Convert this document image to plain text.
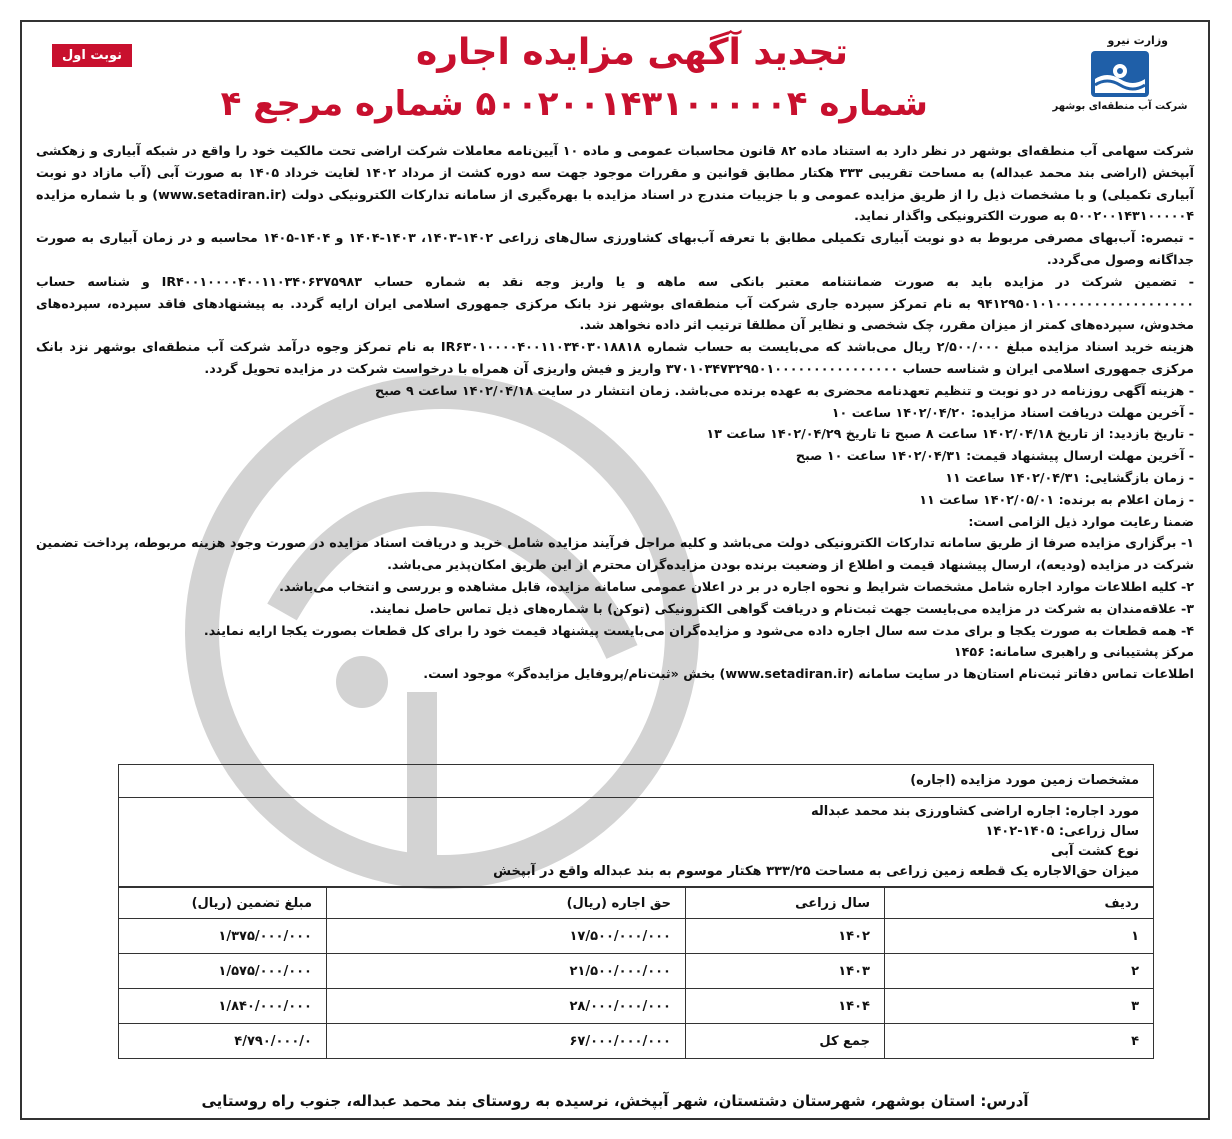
وزارت نیرو
شرکت آب منطقه‌ای بوشهر
نوبت اول	تجدید آگهی مزایده اجاره
شماره ۵۰۰۲۰۰۱۴۳۱۰۰۰۰۰۴ شماره مرجع ۴

شرکت سهامی آب منطقه‌ای بوشهر در نظر دارد به استناد ماده ۸۲ قانون محاسبات عمومی و ماده ۱۰ آیین‌نامه معاملات شرکت اراضی تحت مالکیت خود را واقع در شبکه آبیاری و زهکشی آبپخش (اراضی بند محمد عبداله) به مساحت تقریبی ۳۳۳ هکتار مطابق قوانین و مقررات موجود جهت سه دوره کشت از مرداد ۱۴۰۲ لغایت خرداد ۱۴۰۵ به صورت آبی (آب مازاد دو نوبت آبیاری تکمیلی) و با مشخصات ذیل را از طریق مزایده عمومی و با جزییات مندرج در اسناد مزایده با بهره‌گیری از سامانه تدارکات الکترونیکی دولت (www.setadiran.ir) و با شماره مزایده ۵۰۰۲۰۰۱۴۳۱۰۰۰۰۰۴ به صورت الکترونیکی واگذار نماید.

- تبصره: آب‌بهای مصرفی مربوط به دو نوبت آبیاری تکمیلی مطابق با تعرفه آب‌بهای کشاورزی سال‌های زراعی ۱۴۰۲-۱۴۰۳، ۱۴۰۳-۱۴۰۴ و ۱۴۰۴-۱۴۰۵ محاسبه و در زمان آبیاری به صورت جداگانه وصول می‌گردد.

- تضمین شرکت در مزایده باید به صورت ضمانتنامه معتبر بانکی سه ماهه و یا واریز وجه نقد به شماره حساب IR۴۰۰۱۰۰۰۰۴۰۰۱۱۰۳۴۰۶۳۷۵۹۸۳ و شناسه حساب ۹۴۱۲۹۵۰۱۰۱۰۰۰۰۰۰۰۰۰۰۰۰۰۰۰۰۰۰ به نام تمرکز سپرده جاری شرکت آب منطقه‌ای بوشهر نزد بانک مرکزی جمهوری اسلامی ایران ارایه گردد. به پیشنهادهای فاقد سپرده، سپرده‌های مخدوش، سپرده‌های کمتر از میزان مقرر، چک شخصی و نظایر آن مطلقا ترتیب اثر داده نخواهد شد.

هزینه خرید اسناد مزایده مبلغ ۲/۵۰۰/۰۰۰ ریال می‌باشد که می‌بایست به حساب شماره IR۶۳۰۱۰۰۰۰۴۰۰۱۱۰۳۴۰۳۰۱۸۸۱۸ به نام تمرکز وجوه درآمد شرکت آب منطقه‌ای بوشهر نزد بانک مرکزی جمهوری اسلامی ایران و شناسه حساب ۳۷۰۱۰۳۴۷۳۲۹۵۰۱۰۰۰۰۰۰۰۰۰۰۰۰۰۰۰۰ واریز و فیش واریزی آن همراه با درخواست شرکت در مزایده تحویل گردد.

- هزینه آگهی روزنامه در دو نوبت و تنظیم تعهدنامه محضری به عهده برنده می‌باشد. زمان انتشار در سایت ۱۴۰۲/۰۴/۱۸ ساعت ۹ صبح

- آخرین مهلت دریافت اسناد مزایده: ۱۴۰۲/۰۴/۲۰ ساعت ۱۰

- تاریخ بازدید: از تاریخ ۱۴۰۲/۰۴/۱۸ ساعت ۸ صبح تا تاریخ ۱۴۰۲/۰۴/۲۹ ساعت ۱۳

- آخرین مهلت ارسال پیشنهاد قیمت: ۱۴۰۲/۰۴/۳۱ ساعت ۱۰ صبح

- زمان بازگشایی: ۱۴۰۲/۰۴/۳۱ ساعت ۱۱

- زمان اعلام به برنده: ۱۴۰۲/۰۵/۰۱ ساعت ۱۱

ضمنا رعایت موارد ذیل الزامی است:

۱- برگزاری مزایده صرفا از طریق سامانه تدارکات الکترونیکی دولت می‌باشد و کلیه مراحل فرآیند مزایده شامل خرید و دریافت اسناد مزایده در صورت وجود هزینه مربوطه، پرداخت تضمین شرکت در مزایده (ودیعه)، ارسال پیشنهاد قیمت و اطلاع از وضعیت برنده بودن مزایده‌گران محترم از این طریق امکان‌پذیر می‌باشد.

۲- کلیه اطلاعات موارد اجاره شامل مشخصات شرایط و نحوه اجاره در بر در اعلان عمومی سامانه مزایده، قابل مشاهده و بررسی و انتخاب می‌باشد.

۳- علاقه‌مندان به شرکت در مزایده می‌بایست جهت ثبت‌نام و دریافت گواهی الکترونیکی (توکن) با شماره‌های ذیل تماس حاصل نمایند.

۴- همه قطعات به صورت یکجا و برای مدت سه سال اجاره داده می‌شود و مزایده‌گران می‌بایست پیشنهاد قیمت خود را برای کل قطعات بصورت یکجا ارایه نمایند.

مرکز پشتیبانی و راهبری سامانه: ۱۴۵۶

اطلاعات تماس دفاتر ثبت‌نام استان‌ها در سایت سامانه (www.setadiran.ir) بخش «ثبت‌نام/پروفایل مزایده‌گر» موجود است.

مشخصات زمین مورد مزایده (اجاره)
مورد اجاره: اجاره اراضی کشاورزی بند محمد عبداله
سال زراعی: ۱۴۰۵-۱۴۰۲
نوع کشت آبی
میزان حق‌الاجاره یک قطعه زمین زراعی به مساحت ۳۳۳/۲۵ هکتار موسوم به بند عبداله واقع در آبپخش
ردیف	سال زراعی	حق اجاره (ریال)	مبلغ تضمین (ریال)
۱	۱۴۰۲	۱۷/۵۰۰/۰۰۰/۰۰۰	۱/۳۷۵/۰۰۰/۰۰۰
۲	۱۴۰۳	۲۱/۵۰۰/۰۰۰/۰۰۰	۱/۵۷۵/۰۰۰/۰۰۰
۳	۱۴۰۴	۲۸/۰۰۰/۰۰۰/۰۰۰	۱/۸۴۰/۰۰۰/۰۰۰
۴	جمع کل	۶۷/۰۰۰/۰۰۰/۰۰۰	۴/۷۹۰/۰۰۰/۰
آدرس: استان بوشهر، شهرستان دشتستان، شهر آبپخش، نرسیده به روستای بند محمد عبداله، جنوب راه روستایی
